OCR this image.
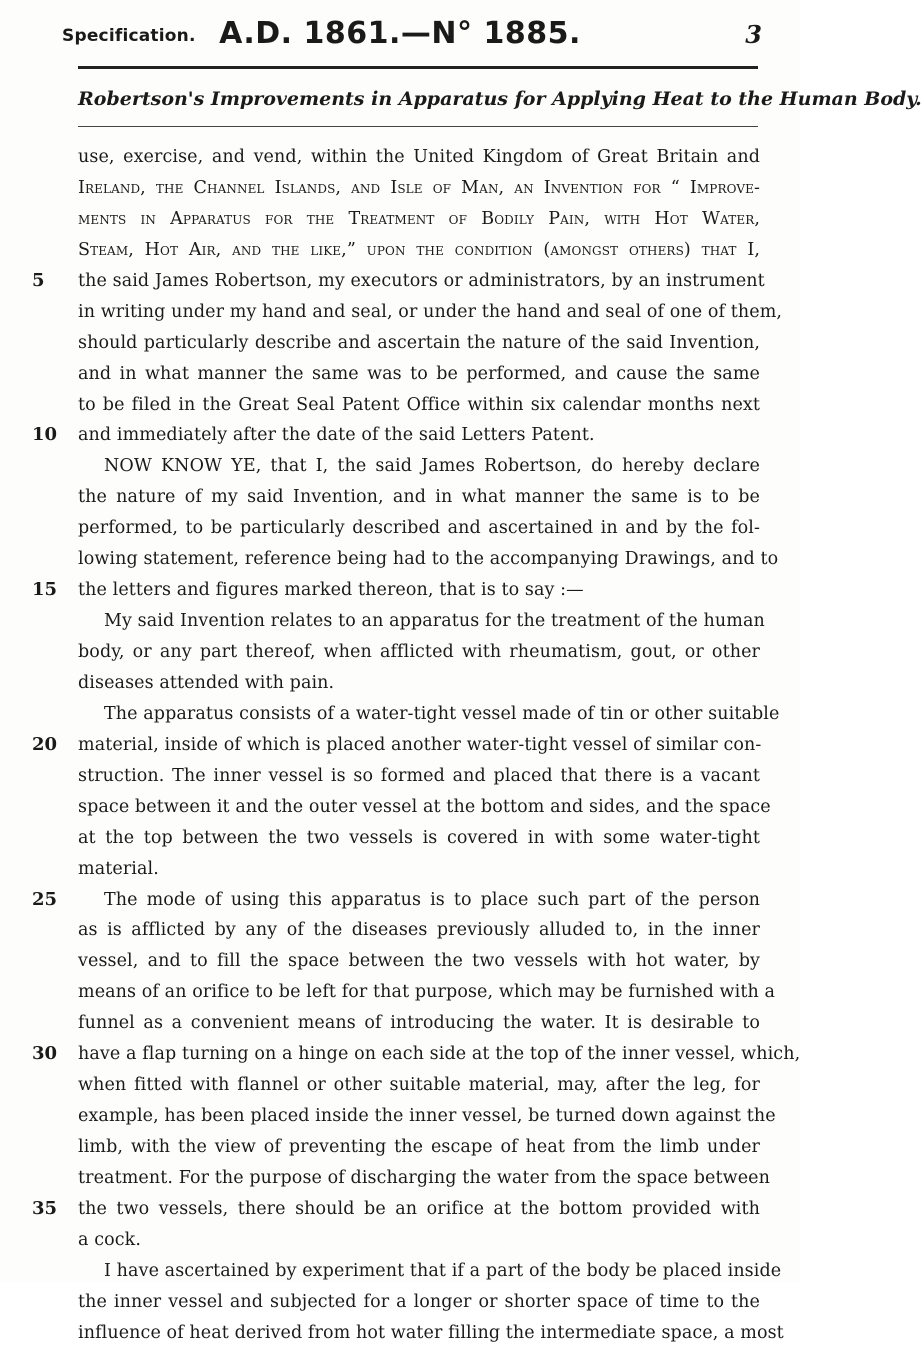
Specification. A.D. 1861.—N° 1885.	3
Robertson's Improvements in Apparatus for Applying Heat to the Human Body.
use, exercise, and vend, within the United Kingdom of Great Britain and
Ireland, the Channel Islands, and Isle of Man, an Invention for “ Improve-
ments in Apparatus for the Treatment of Bodily Pain, with Hot Water,
Steam, Hot Air, and the like,” upon the condition (amongst others) that I,
5	the said James Robertson, my executors or administrators, by an instrument
in writing under my hand and seal, or under the hand and seal of one of them,
should particularly describe and ascertain the nature of the said Invention,
and in what manner the same was to be performed, and cause the same
to be filed in the Great Seal Patent Office within six calendar months next
10 and immediately after the date of the said Letters Patent.
NOW KNOW YE, that I, the said James Robertson, do hereby declare
the nature of my said Invention, and in what manner the same is to be
performed, to be particularly described and ascertained in and by the fol-
lowing statement, reference being had to the accompanying Drawings, and to
15 the letters and figures marked thereon, that is to say :—
My said Invention relates to an apparatus for the treatment of the human
body, or any part thereof, when afflicted with rheumatism, gout, or other
diseases attended with pain.
The apparatus consists of a water-tight vessel made of tin or other suitable
20 material, inside of which is placed another water-tight vessel of similar con-
struction. The inner vessel is so formed and placed that there is a vacant
space between it and the outer vessel at the bottom and sides, and the space
at the top between the two vessels is covered in with some water-tight
material.
25	The mode of using this apparatus is to place such part of the person
as is afflicted by any of the diseases previously alluded to, in the inner
vessel, and to fill the space between the two vessels with hot water, by
means of an orifice to be left for that purpose, which may be furnished with a
funnel as a convenient means of introducing the water. It is desirable to
30 have a flap turning on a hinge on each side at the top of the inner vessel, which,
when fitted with flannel or other suitable material, may, after the leg, for
example, has been placed inside the inner vessel, be turned down against the
limb, with the view of preventing the escape of heat from the limb under
treatment. For the purpose of discharging the water from the space between
35 the two vessels, there should be an orifice at the bottom provided with
a cock.
I have ascertained by experiment that if a part of the body be placed inside
the inner vessel and subjected for a longer or shorter space of time to the
influence of heat derived from hot water filling the intermediate space, a most
